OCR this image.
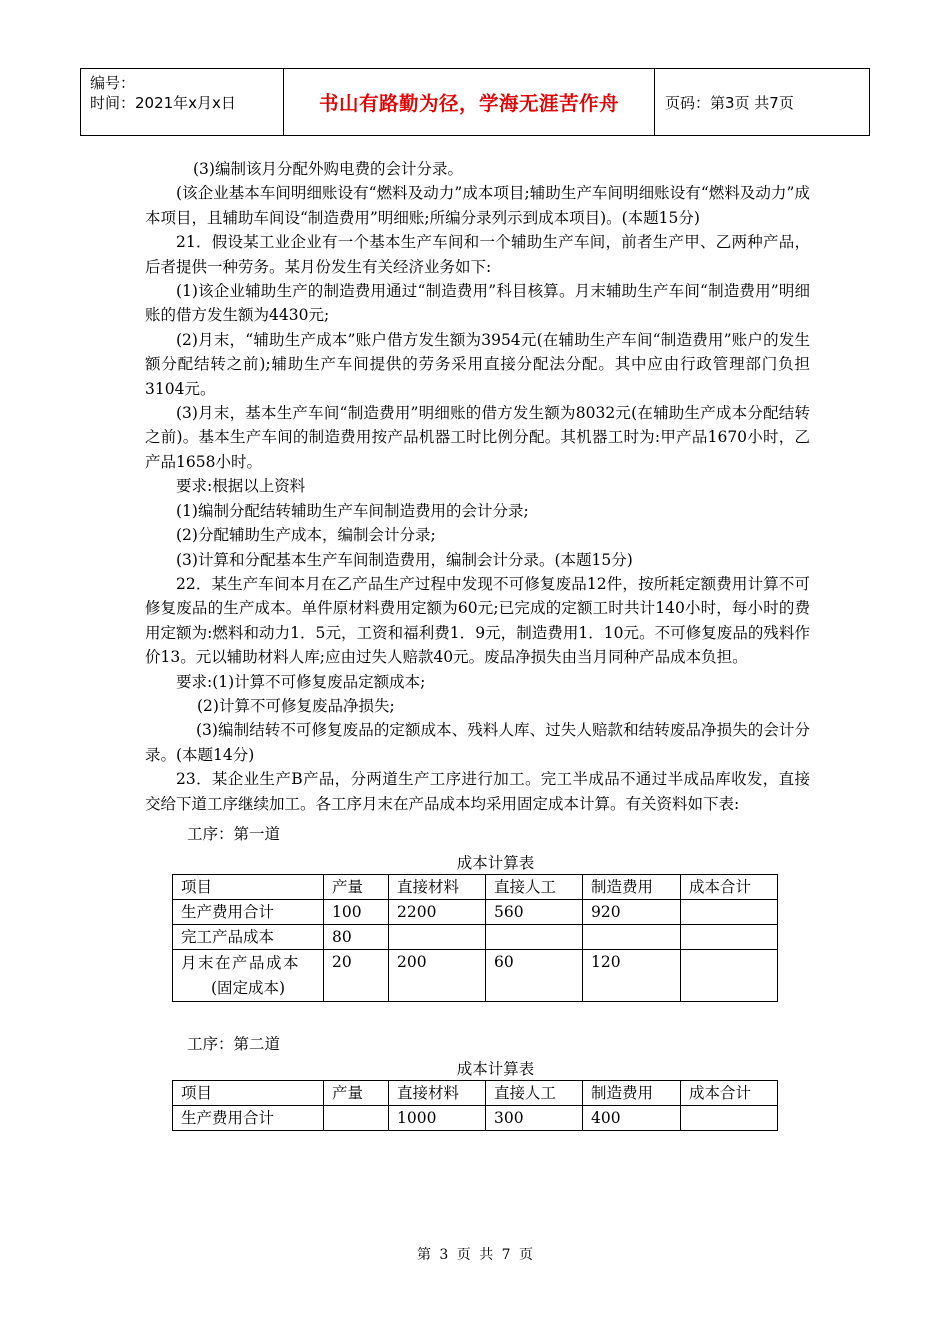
编号：
时间：2021年x月x日	书山有路勤为径，学海无涯苦作舟	页码：第3页 共7页

(3)编制该月分配外购电费的会计分录。

(该企业基本车间明细账设有“燃料及动力”成本项目;辅助生产车间明细账设有“燃料及动力”成本项目，且辅助车间设“制造费用”明细账;所编分录列示到成本项目)。(本题15分)

21．假设某工业企业有一个基本生产车间和一个辅助生产车间，前者生产甲、乙两种产品，后者提供一种劳务。某月份发生有关经济业务如下:

(1)该企业辅助生产的制造费用通过“制造费用”科目核算。月末辅助生产车间“制造费用”明细账的借方发生额为4430元;

(2)月末，“辅助生产成本”账户借方发生额为3954元(在辅助生产车间“制造费用”账户的发生额分配结转之前);辅助生产车间提供的劳务采用直接分配法分配。其中应由行政管理部门负担3104元。

(3)月末，基本生产车间“制造费用”明细账的借方发生额为8032元(在辅助生产成本分配结转之前)。基本生产车间的制造费用按产品机器工时比例分配。其机器工时为:甲产品1670小时，乙产品1658小时。

要求:根据以上资料

(1)编制分配结转辅助生产车间制造费用的会计分录;

(2)分配辅助生产成本，编制会计分录;

(3)计算和分配基本生产车间制造费用，编制会计分录。(本题15分)

22．某生产车间本月在乙产品生产过程中发现不可修复废品12件，按所耗定额费用计算不可修复废品的生产成本。单件原材料费用定额为60元;已完成的定额工时共计140小时，每小时的费用定额为:燃料和动力1．5元，工资和福利费1．9元，制造费用1．10元。不可修复废品的残料作价13。元以辅助材料人库;应由过失人赔款40元。废品净损失由当月同种产品成本负担。

要求:(1)计算不可修复废品定额成本;

(2)计算不可修复废品净损失;

(3)编制结转不可修复废品的定额成本、残料人库、过失人赔款和结转废品净损失的会计分录。(本题14分)

23．某企业生产B产品，分两道生产工序进行加工。完工半成品不通过半成品库收发，直接交给下道工序继续加工。各工序月末在产品成本均采用固定成本计算。有关资料如下表:

工序：第一道

成本计算表

项目	产量	直接材料	直接人工	制造费用	成本合计
生产费用合计	100	2200	560	920	
完工产品成本	80				

月末在产品成本
(固定成本)	20	200	60	120	

工序：第二道

成本计算表

项目	产量	直接材料	直接人工	制造费用	成本合计
生产费用合计		1000	300	400	
第 3 页 共 7 页
